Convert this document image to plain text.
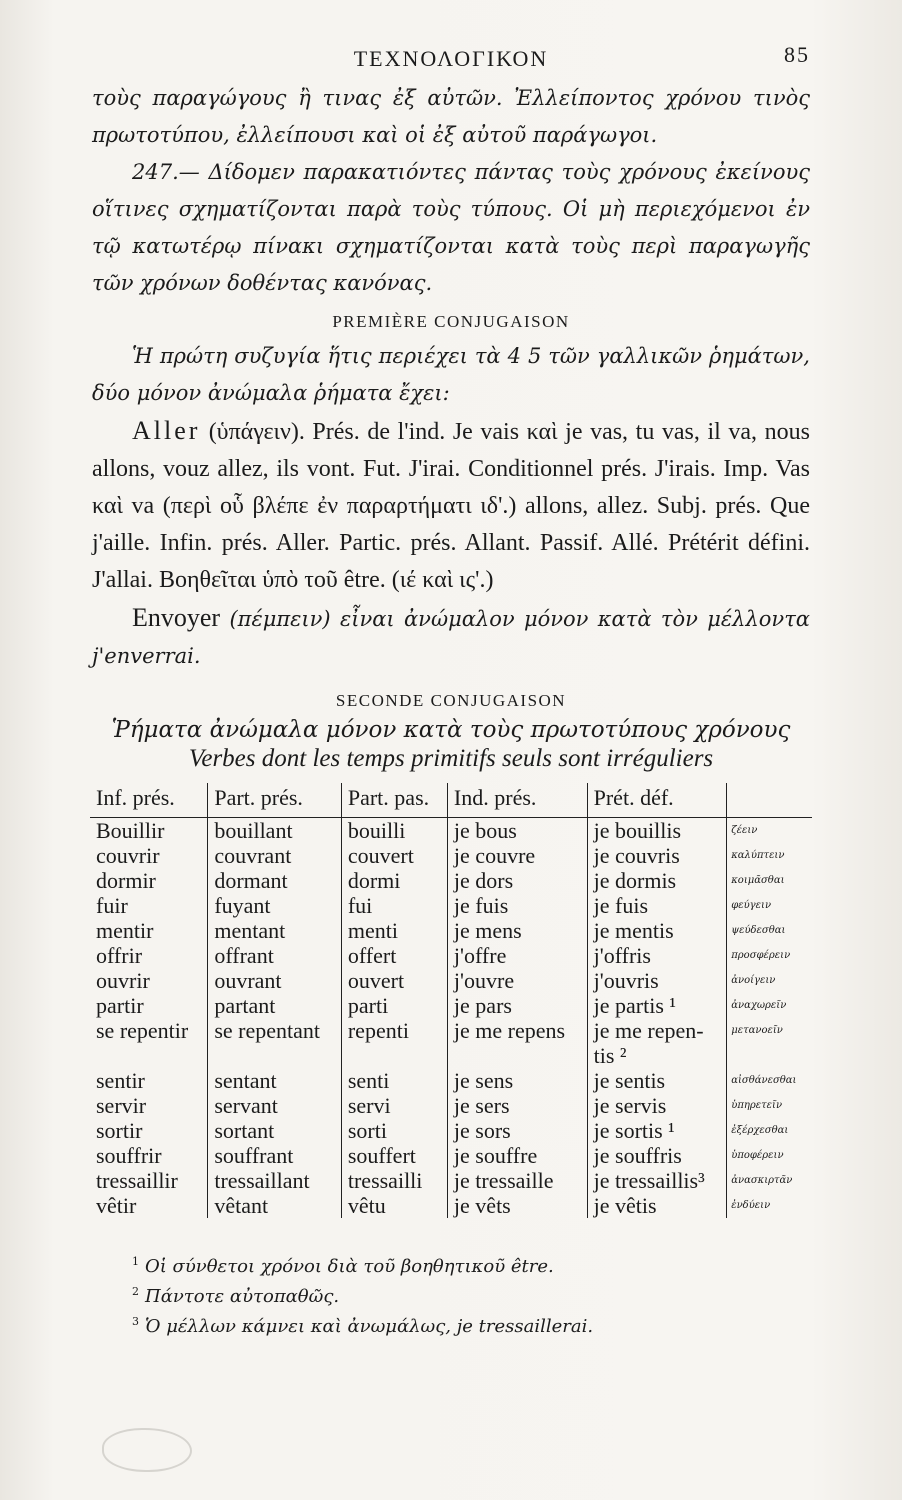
ΤΕΧΝΟΛΟΓΙΚΟΝ	85

τοὺς παραγώγους ἢ τινας ἐξ αὐτῶν. Ἐλλείποντος χρόνου τινὸς πρωτοτύπου, ἐλλείπουσι καὶ οἱ ἐξ αὐτοῦ παράγωγοι.

247.— Δίδομεν παρακατιόντες πάντας τοὺς χρόνους ἐκείνους οἵτινες σχηματίζονται παρὰ τοὺς τύπους. Οἱ μὴ περιεχόμενοι ἐν τῷ κατωτέρῳ πίνακι σχηματίζονται κατὰ τοὺς περὶ παραγωγῆς τῶν χρόνων δοθέντας κανόνας.

PREMIÈRE CONJUGAISON

Ἡ πρώτη συζυγία ἥτις περιέχει τὰ 4 5 τῶν γαλλικῶν ῥημάτων, δύο μόνον ἀνώμαλα ῥήματα ἔχει:

Aller (ὑπάγειν). Prés. de l'ind. Je vais καὶ je vas, tu vas, il va, nous allons, vouz allez, ils vont. Fut. J'irai. Conditionnel prés. J'irais. Imp. Vas καὶ va (περὶ οὗ βλέπε ἐν παραρτήματι ιδ'.) allons, allez. Subj. prés. Que j'aille. Infin. prés. Aller. Partic. prés. Allant. Passif. Allé. Prétérit défini. J'allai. Βοηθεῖται ὑπὸ τοῦ être. (ιέ καὶ ις'.)

Envoyer (πέμπειν) εἶναι ἀνώμαλον μόνον κατὰ τὸν μέλλοντα j'enverrai.

SECONDE CONJUGAISON
Ῥήματα ἀνώμαλα μόνον κατὰ τοὺς πρωτοτύπους χρόνους
Verbes dont les temps primitifs seuls sont irréguliers
Inf. prés.	Part. prés.	Part. pas.	Ind. prés.	Prét. déf.	
Bouillir	bouillant	bouilli	je bous	je bouillis	ζέειν
couvrir	couvrant	couvert	je couvre	je couvris	καλύπτειν
dormir	dormant	dormi	je dors	je dormis	κοιμᾶσθαι
fuir	fuyant	fui	je fuis	je fuis	φεύγειν
mentir	mentant	menti	je mens	je mentis	ψεύδεσθαι
offrir	offrant	offert	j'offre	j'offris	προσφέρειν
ouvrir	ouvrant	ouvert	j'ouvre	j'ouvris	ἀνοίγειν
partir	partant	parti	je pars	je partis ¹	ἀναχωρεῖν
se repentir	se repentant	repenti	je me repens	je me repen-	μετανοεῖν
				tis ²	
sentir	sentant	senti	je sens	je sentis	αἰσθάνεσθαι
servir	servant	servi	je sers	je servis	ὑπηρετεῖν
sortir	sortant	sorti	je sors	je sortis ¹	ἐξέρχεσθαι
souffrir	souffrant	souffert	je souffre	je souffris	ὑποφέρειν
tressaillir	tressaillant	tressailli	je tressaille	je tressaillis³	ἀνασκιρτᾶν
vêtir	vêtant	vêtu	je vêts	je vêtis	ἐνδύειν
$^1$ Οἱ σύνθετοι χρόνοι διὰ τοῦ βοηθητικοῦ être.
$^2$ Πάντοτε αὐτοπαθῶς.
$^3$ Ὁ μέλλων κάμνει καὶ ἀνωμάλως, je tressaillerai.
